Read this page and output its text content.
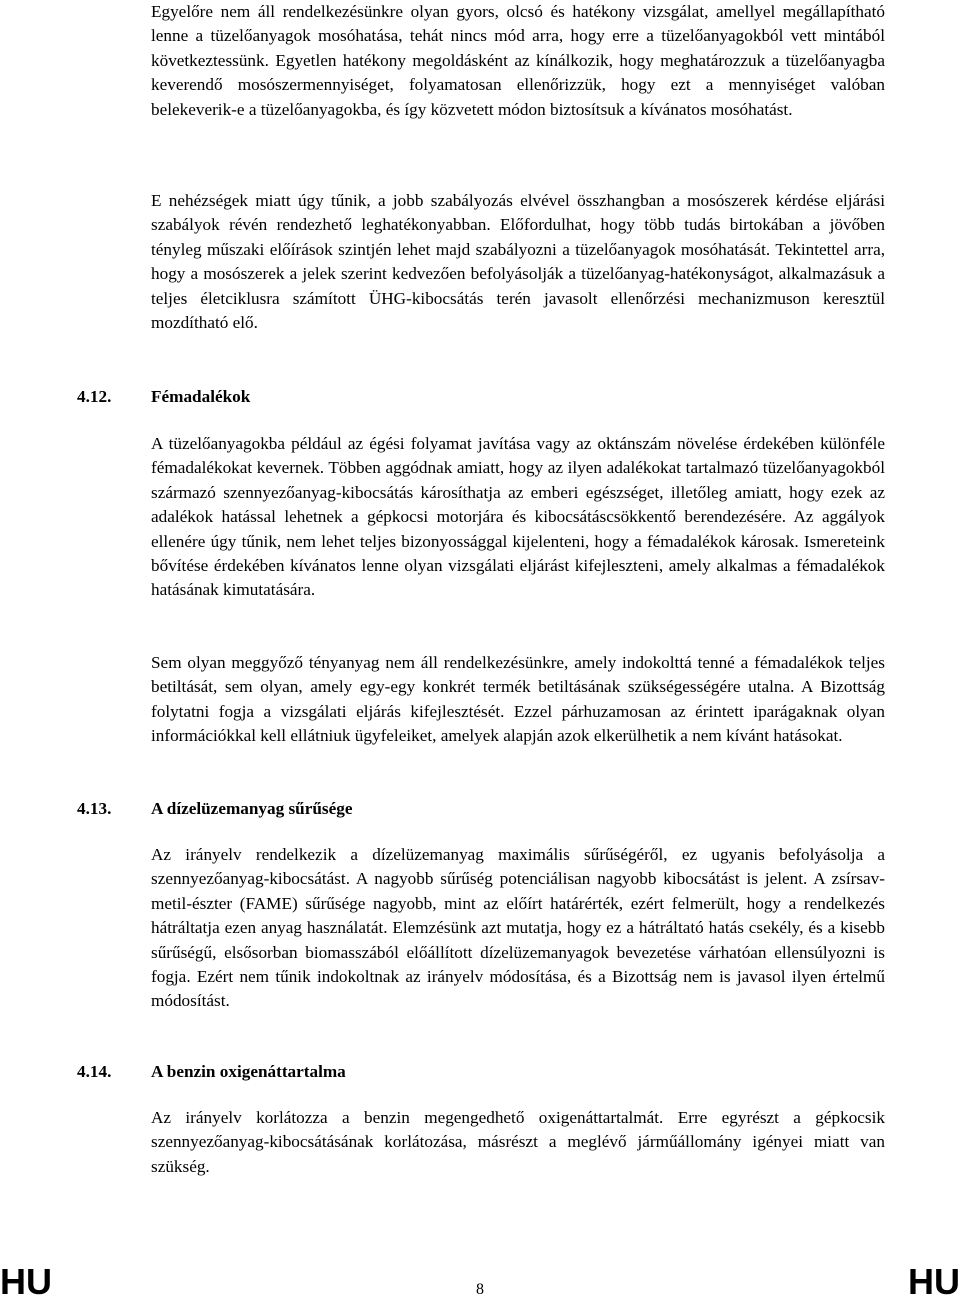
Egyelőre nem áll rendelkezésünkre olyan gyors, olcsó és hatékony vizsgálat, amellyel megállapítható lenne a tüzelőanyagok mosóhatása, tehát nincs mód arra, hogy erre a tüzelőanyagokból vett mintából következtessünk. Egyetlen hatékony megoldásként az kínálkozik, hogy meghatározzuk a tüzelőanyagba keverendő mosószermennyiséget, folyamatosan ellenőrizzük, hogy ezt a mennyiséget valóban belekeverik-e a tüzelőanyagokba, és így közvetett módon biztosítsuk a kívánatos mosóhatást.

E nehézségek miatt úgy tűnik, a jobb szabályozás elvével összhangban a mosószerek kérdése eljárási szabályok révén rendezhető leghatékonyabban. Előfordulhat, hogy több tudás birtokában a jövőben tényleg műszaki előírások szintjén lehet majd szabályozni a tüzelőanyagok mosóhatását. Tekintettel arra, hogy a mosószerek a jelek szerint kedvezően befolyásolják a tüzelőanyag-hatékonyságot, alkalmazásuk a teljes életciklusra számított ÜHG-kibocsátás terén javasolt ellenőrzési mechanizmuson keresztül mozdítható elő.

4.12. Fémadalékok

A tüzelőanyagokba például az égési folyamat javítása vagy az oktánszám növelése érdekében különféle fémadalékokat kevernek. Többen aggódnak amiatt, hogy az ilyen adalékokat tartalmazó tüzelőanyagokból származó szennyezőanyag-kibocsátás károsíthatja az emberi egészséget, illetőleg amiatt, hogy ezek az adalékok hatással lehetnek a gépkocsi motorjára és kibocsátáscsökkentő berendezésére. Az aggályok ellenére úgy tűnik, nem lehet teljes bizonyossággal kijelenteni, hogy a fémadalékok károsak. Ismereteink bővítése érdekében kívánatos lenne olyan vizsgálati eljárást kifejleszteni, amely alkalmas a fémadalékok hatásának kimutatására.

Sem olyan meggyőző tényanyag nem áll rendelkezésünkre, amely indokolttá tenné a fémadalékok teljes betiltását, sem olyan, amely egy-egy konkrét termék betiltásának szükségességére utalna. A Bizottság folytatni fogja a vizsgálati eljárás kifejlesztését. Ezzel párhuzamosan az érintett iparágaknak olyan információkkal kell ellátniuk ügyfeleiket, amelyek alapján azok elkerülhetik a nem kívánt hatásokat.

4.13. A dízelüzemanyag sűrűsége

Az irányelv rendelkezik a dízelüzemanyag maximális sűrűségéről, ez ugyanis befolyásolja a szennyezőanyag-kibocsátást. A nagyobb sűrűség potenciálisan nagyobb kibocsátást is jelent. A zsírsav-metil-észter (FAME) sűrűsége nagyobb, mint az előírt határérték, ezért felmerült, hogy a rendelkezés hátráltatja ezen anyag használatát. Elemzésünk azt mutatja, hogy ez a hátráltató hatás csekély, és a kisebb sűrűségű, elsősorban biomasszából előállított dízelüzemanyagok bevezetése várhatóan ellensúlyozni is fogja. Ezért nem tűnik indokoltnak az irányelv módosítása, és a Bizottság nem is javasol ilyen értelmű módosítást.

4.14. A benzin oxigenáttartalma

Az irányelv korlátozza a benzin megengedhető oxigenáttartalmát. Erre egyrészt a gépkocsik szennyezőanyag-kibocsátásának korlátozása, másrészt a meglévő járműállomány igényei miatt van szükség.

HU	8	HU
